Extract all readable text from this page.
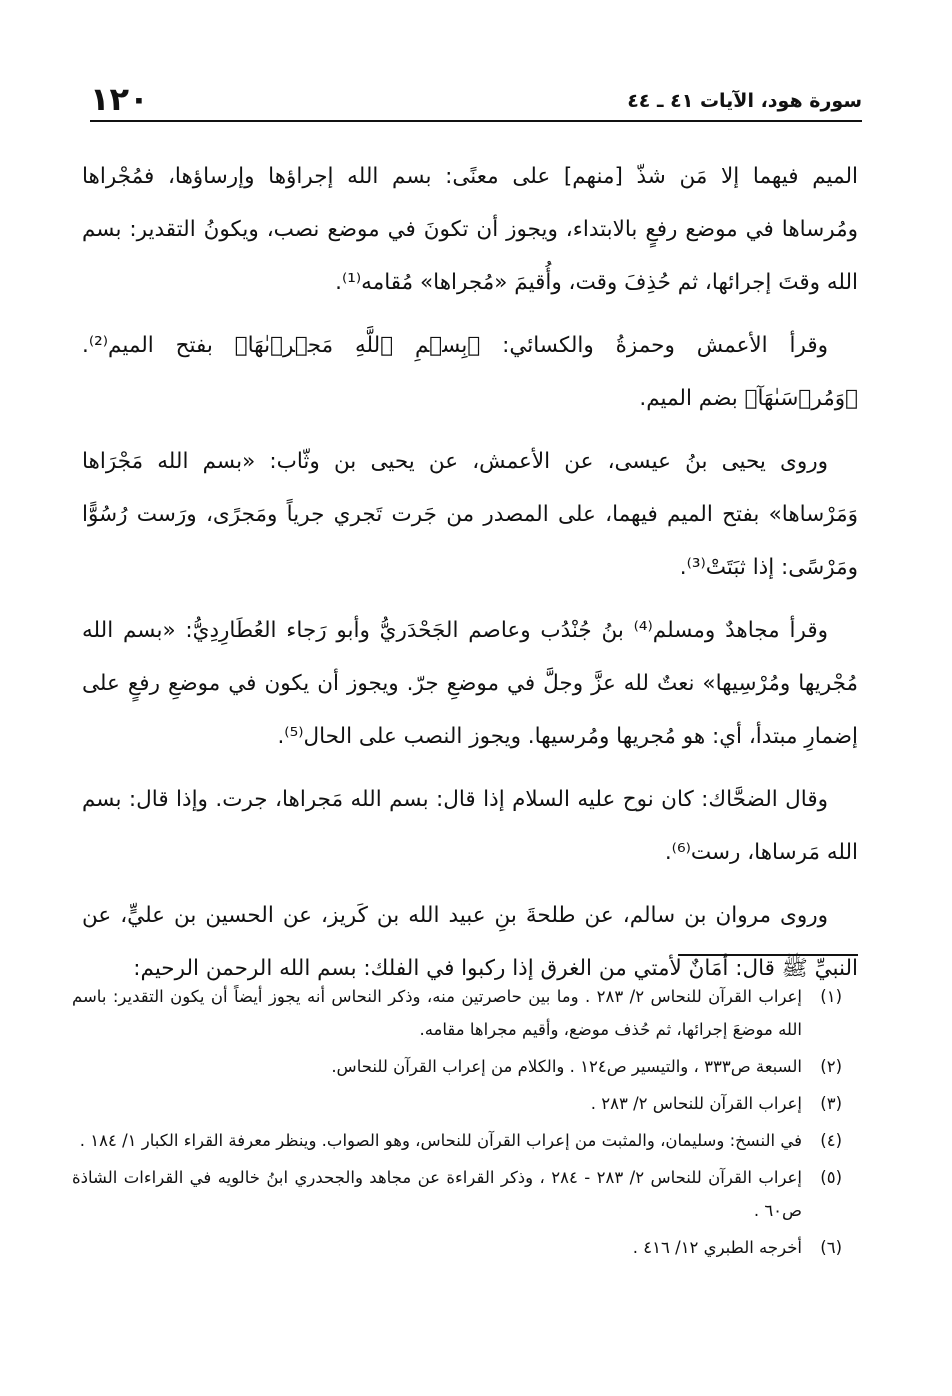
١٢٠	سورة هود، الآيات ٤١ ـ ٤٤

الميم فيهما إلا مَن شذّ [منهم] على معنًى: بسم الله إجراؤها وإرساؤها، فمُجْراها ومُرساها في موضع رفعٍ بالابتداء، ويجوز أن تكونَ في موضع نصب، ويكونُ التقدير: بسم الله وقتَ إجرائها، ثم حُذِفَ وقت، وأُقيمَ «مُجراها» مُقامه⁽¹⁾.

وقرأ الأعمش وحمزةُ والكسائي: ﴿بِسۡمِ ٱللَّهِ مَجۡرٜىٰهَا﴾ بفتح الميم⁽²⁾. ﴿وَمُرۡسَىٰهَآ﴾ بضم الميم.

وروى يحيى بنُ عيسى، عن الأعمش، عن يحيى بن وثّاب: «بسم الله مَجْرَاها وَمَرْساها» بفتح الميم فيهما، على المصدر من جَرت تَجري جرياً ومَجرًى، ورَست رُسُوًّا ومَرْسًى: إذا ثبَتَتْ⁽³⁾.

وقرأ مجاهدٌ ومسلم⁽⁴⁾ بنُ جُنْدُب وعاصم الجَحْدَريُّ وأبو رَجاء العُطَارِدِيُّ: «بسم الله مُجْريها ومُرْسِيها» نعتٌ لله عزَّ وجلَّ في موضعِ جرّ. ويجوز أن يكون في موضعِ رفعٍ على إضمارِ مبتدأ، أي: هو مُجريها ومُرسيها. ويجوز النصب على الحال⁽⁵⁾.

وقال الضحَّاك: كان نوح عليه السلام إذا قال: بسم الله مَجراها، جرت. وإذا قال: بسم الله مَرساها، رست⁽⁶⁾.

وروى مروان بن سالم، عن طلحةَ بنِ عبيد الله بن كَريز، عن الحسين بن عليٍّ، عن النبيِّ ﷺ قال: أمَانٌ لأمتي من الغرق إذا ركبوا في الفلك: بسم الله الرحمن الرحيم:

(١)
إعراب القرآن للنحاس ٢/ ٢٨٣ . وما بين حاصرتين منه، وذكر النحاس أنه يجوز أيضاً أن يكون التقدير: باسم الله موضعَ إجرائها، ثم حُذف موضع، وأقيم مجراها مقامه.
(٢)
السبعة ص٣٣٣ ، والتيسير ص١٢٤ . والكلام من إعراب القرآن للنحاس.
(٣)
إعراب القرآن للنحاس ٢/ ٢٨٣ .
(٤)
في النسخ: وسليمان، والمثبت من إعراب القرآن للنحاس، وهو الصواب. وينظر معرفة القراء الكبار ١/ ١٨٤ .
(٥)
إعراب القرآن للنحاس ٢/ ٢٨٣ - ٢٨٤ ، وذكر القراءة عن مجاهد والجحدري ابنُ خالويه في القراءات الشاذة ص٦٠ .
(٦)
أخرجه الطبري ١٢/ ٤١٦ .
